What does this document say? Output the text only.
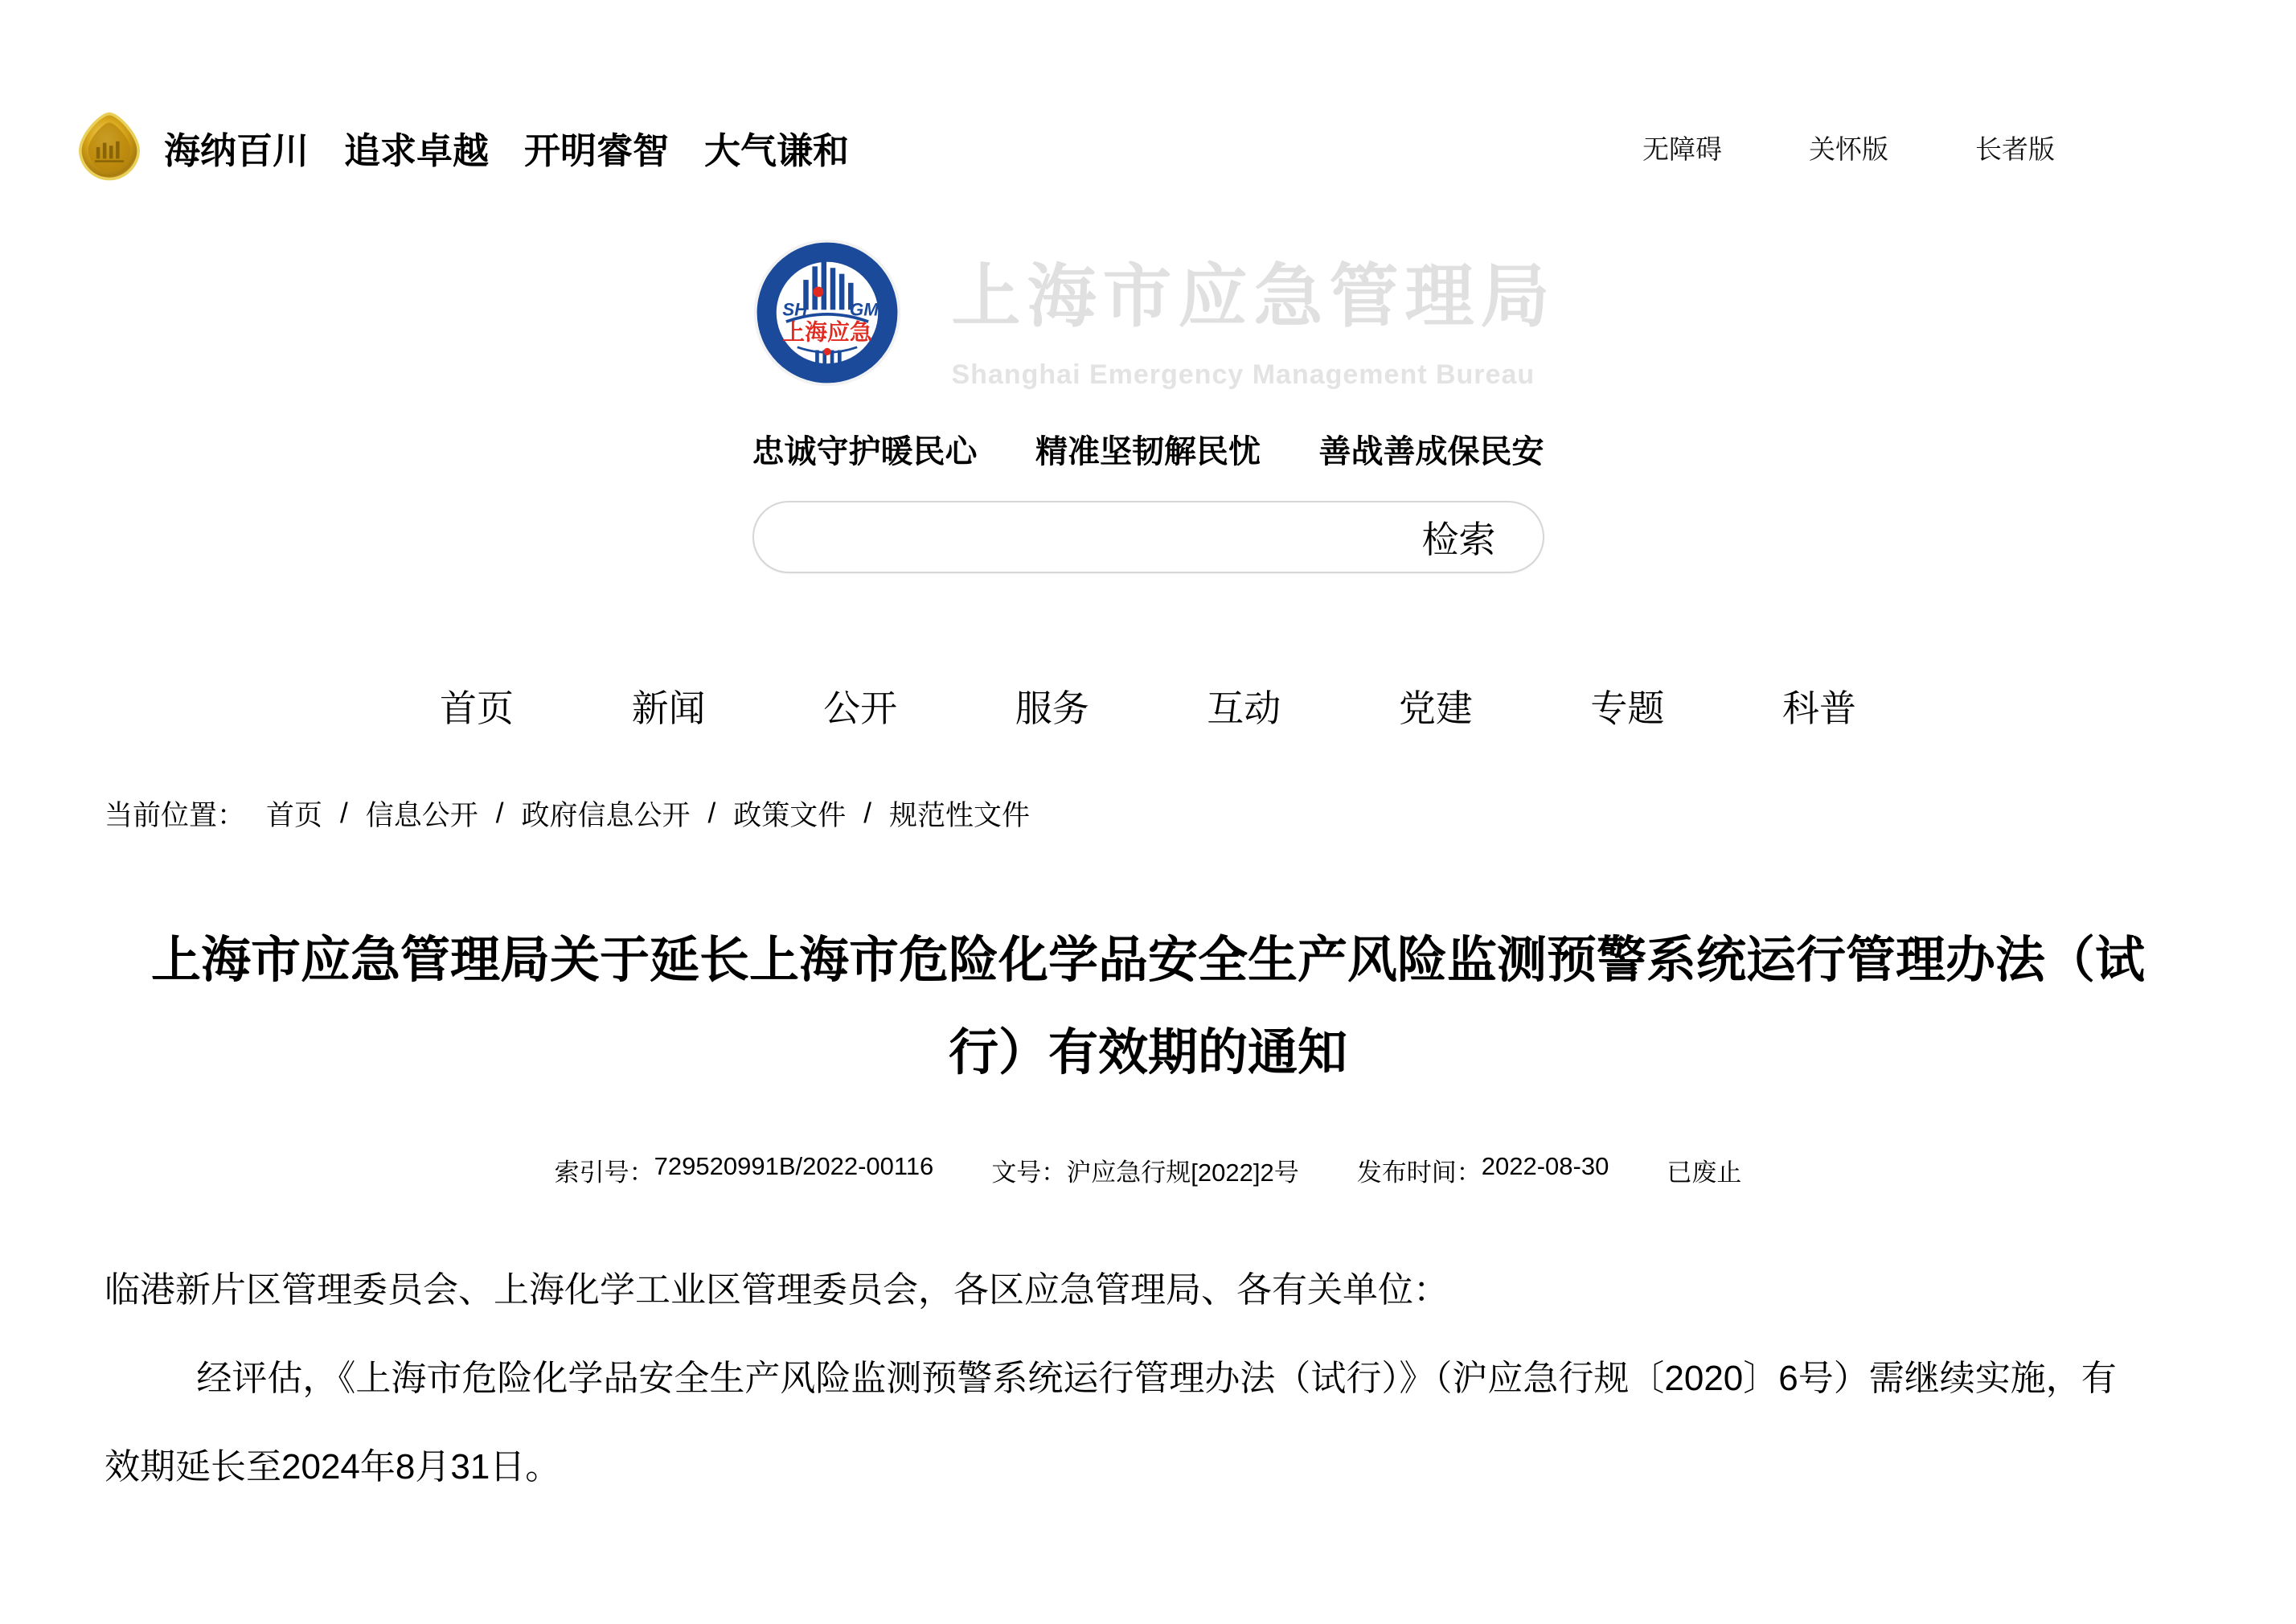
海纳百川 追求卓越 开明睿智 大气谦和	无障碍	关怀版	长者版
SH GM
上海应急 上海市应急管理局
Shanghai Emergency Management Bureau
忠诚守护暖民心 精准坚韧解民忧 善战善成保民安
检索
首页	新闻	公开	服务	互动	党建	专题	科普
当前位置： 首页 / 信息公开 / 政府信息公开 / 政策文件 / 规范性文件
上海市应急管理局关于延长上海市危险化学品安全生产风险监测预警系统运行管理办法（试
行）有效期的通知
索引号： 729520991B/2022-00116 文号： 沪应急行规[2022]2号 发布时间： 2022-08-30 已废止

临港新片区管理委员会、上海化学工业区管理委员会，各区应急管理局、各有关单位：

经评估，《上海市危险化学品安全生产风险监测预警系统运行管理办法（试行）》（沪应急行规〔2020〕6号）需继续实施，有效期延长至2024年8月31日。
